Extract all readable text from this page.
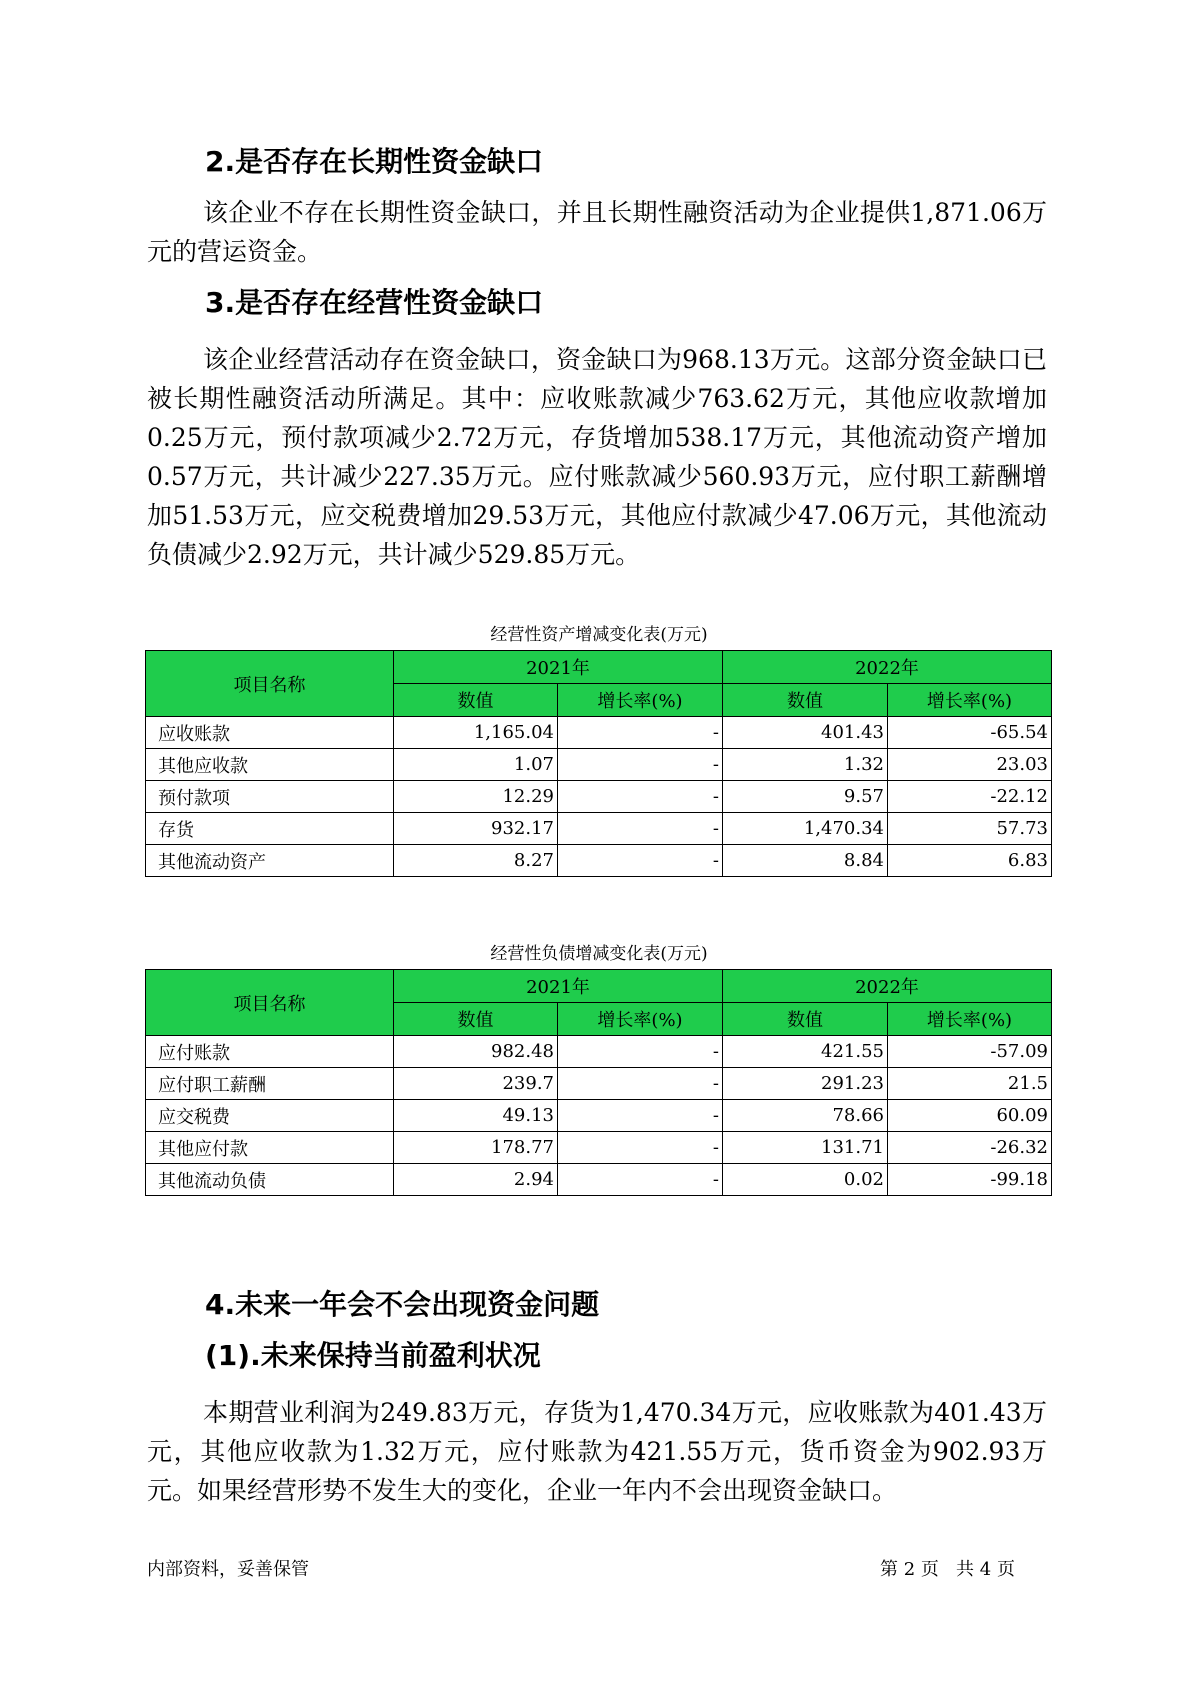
2.是否存在长期性资金缺口

该企业不存在长期性资金缺口，并且长期性融资活动为企业提供1,871.06万元的营运资金。

3.是否存在经营性资金缺口

该企业经营活动存在资金缺口，资金缺口为968.13万元。这部分资金缺口已被长期性融资活动所满足。其中：应收账款减少763.62万元，其他应收款增加0.25万元，预付款项减少2.72万元，存货增加538.17万元，其他流动资产增加0.57万元，共计减少227.35万元。应付账款减少560.93万元，应付职工薪酬增加51.53万元，应交税费增加29.53万元，其他应付款减少47.06万元，其他流动负债减少2.92万元，共计减少529.85万元。

经营性资产增减变化表(万元)
项目名称	2021年		2022年	
	数值	增长率(%)	数值	增长率(%)
应收账款	1,165.04	-	401.43	-65.54
其他应收款	1.07	-	1.32	23.03
预付款项	12.29	-	9.57	-22.12
存货	932.17	-	1,470.34	57.73
其他流动资产	8.27	-	8.84	6.83
经营性负债增减变化表(万元)
项目名称	2021年		2022年	
	数值	增长率(%)	数值	增长率(%)
应付账款	982.48	-	421.55	-57.09
应付职工薪酬	239.7	-	291.23	21.5
应交税费	49.13	-	78.66	60.09
其他应付款	178.77	-	131.71	-26.32
其他流动负债	2.94	-	0.02	-99.18
4.未来一年会不会出现资金问题
(1).未来保持当前盈利状况

本期营业利润为249.83万元，存货为1,470.34万元，应收账款为401.43万元，其他应收款为1.32万元，应付账款为421.55万元，货币资金为902.93万元。如果经营形势不发生大的变化，企业一年内不会出现资金缺口。

内部资料，妥善保管	第 2 页   共 4 页
